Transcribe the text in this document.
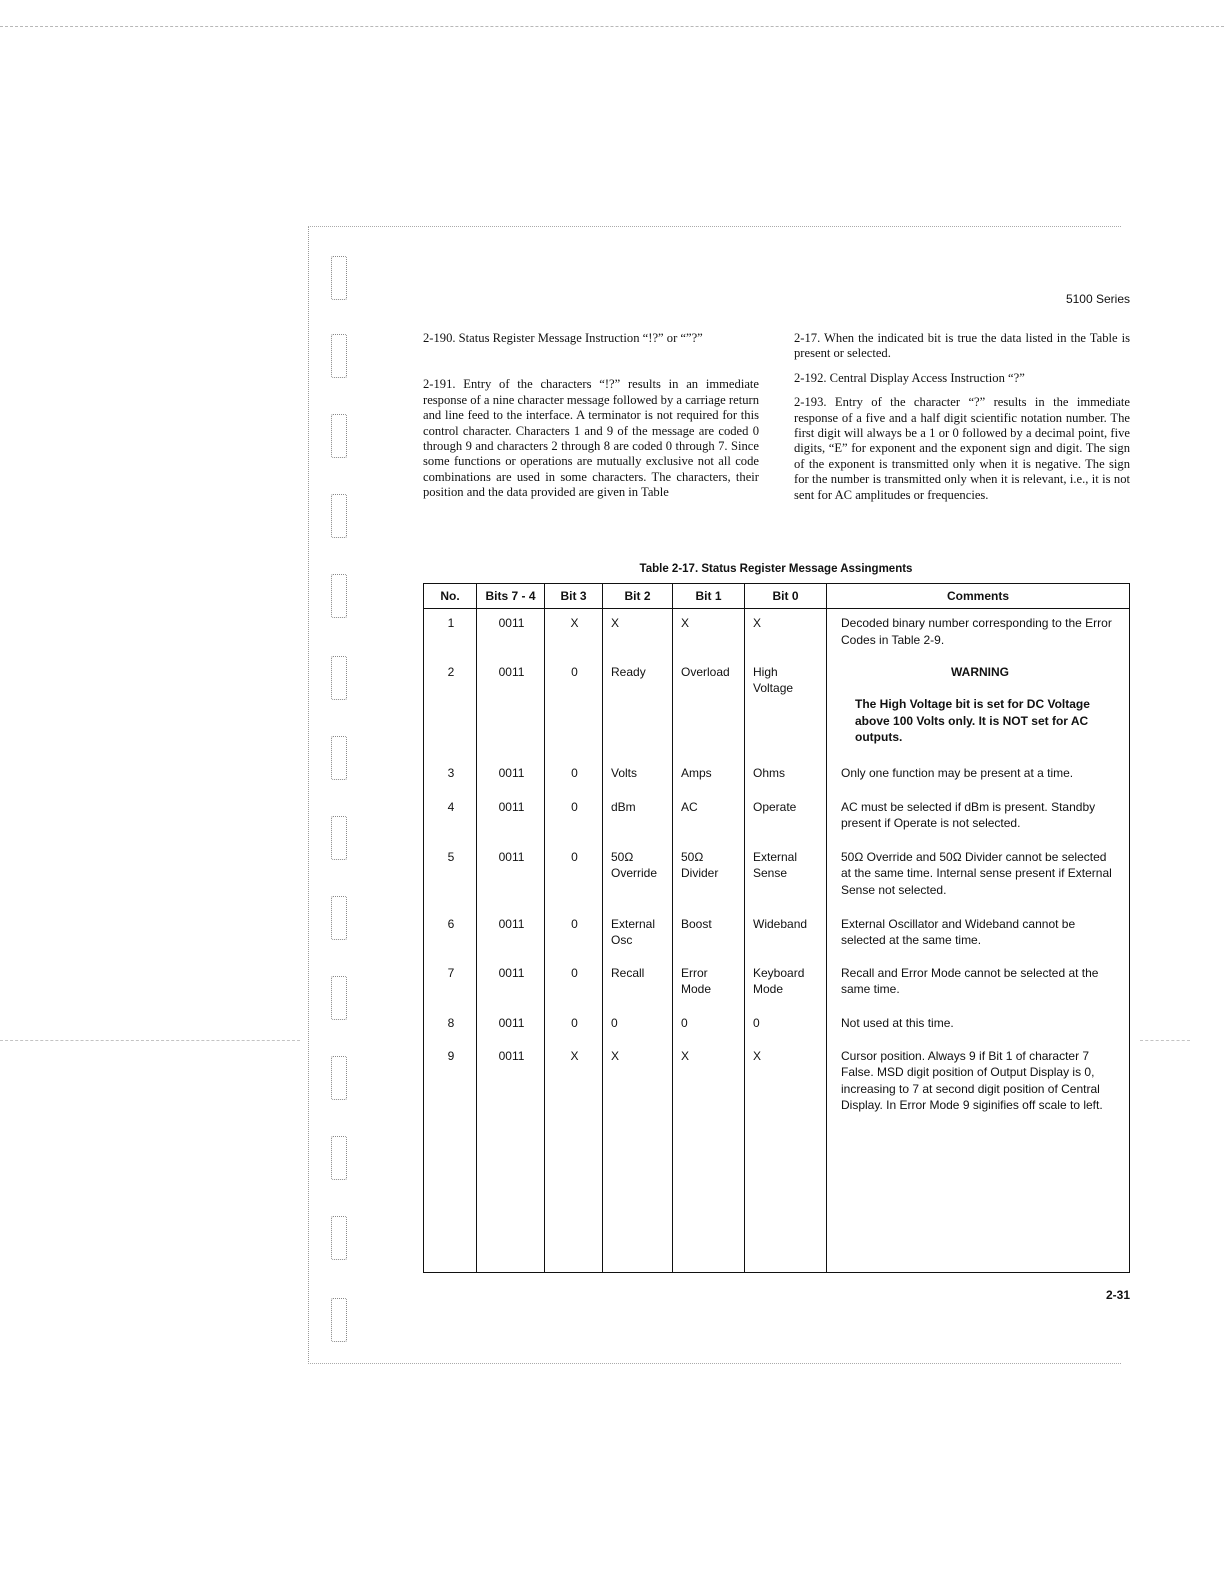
5100 Series

2-190. Status Register Message Instruction “!?” or “”?”

2-191. Entry of the characters “!?” results in an immediate response of a nine character message followed by a carriage return and line feed to the interface. A terminator is not required for this control character. Characters 1 and 9 of the message are coded 0 through 9 and characters 2 through 8 are coded 0 through 7. Since some functions or operations are mutually exclusive not all code combinations are used in some characters. The characters, their position and the data provided are given in Table

2-17. When the indicated bit is true the data listed in the Table is present or selected.

2-192. Central Display Access Instruction “?”

2-193. Entry of the character “?” results in the immediate response of a five and a half digit scientific notation number. The first digit will always be a 1 or 0 followed by a decimal point, five digits, “E” for exponent and the exponent sign and digit. The sign of the exponent is transmitted only when it is negative. The sign for the number is transmitted only when it is relevant, i.e., it is not sent for AC amplitudes or frequencies.

Table 2-17. Status Register Message Assingments
No.	Bits 7 - 4	Bit 3	Bit 2	Bit 1	Bit 0	Comments
1	0011	X	X	X	X	Decoded binary number corresponding to the Error Codes in Table 2-9.
2	0011	0	Ready	Overload	High Voltage	WARNING
The High Voltage bit is set for DC Voltage above 100 Volts only. It is NOT set for AC outputs.

3	0011	0	Volts	Amps	Ohms	Only one function may be present at a time.
4	0011	0	dBm	AC	Operate	AC must be selected if dBm is present. Standby present if Operate is not selected.
5	0011	0	50Ω Override	50Ω Divider	External Sense	50Ω Override and 50Ω Divider cannot be selected at the same time. Internal sense present if External Sense not selected.
6	0011	0	External Osc	Boost	Wideband	External Oscillator and Wideband cannot be selected at the same time.
7	0011	0	Recall	Error Mode	Keyboard Mode	Recall and Error Mode cannot be selected at the same time.
8	0011	0	0	0	0	Not used at this time.
9	0011	X	X	X	X	Cursor position. Always 9 if Bit 1 of character 7 False. MSD digit position of Output Display is 0, increasing to 7 at second digit position of Central Display. In Error Mode 9 siginifies off scale to left.
2-31
